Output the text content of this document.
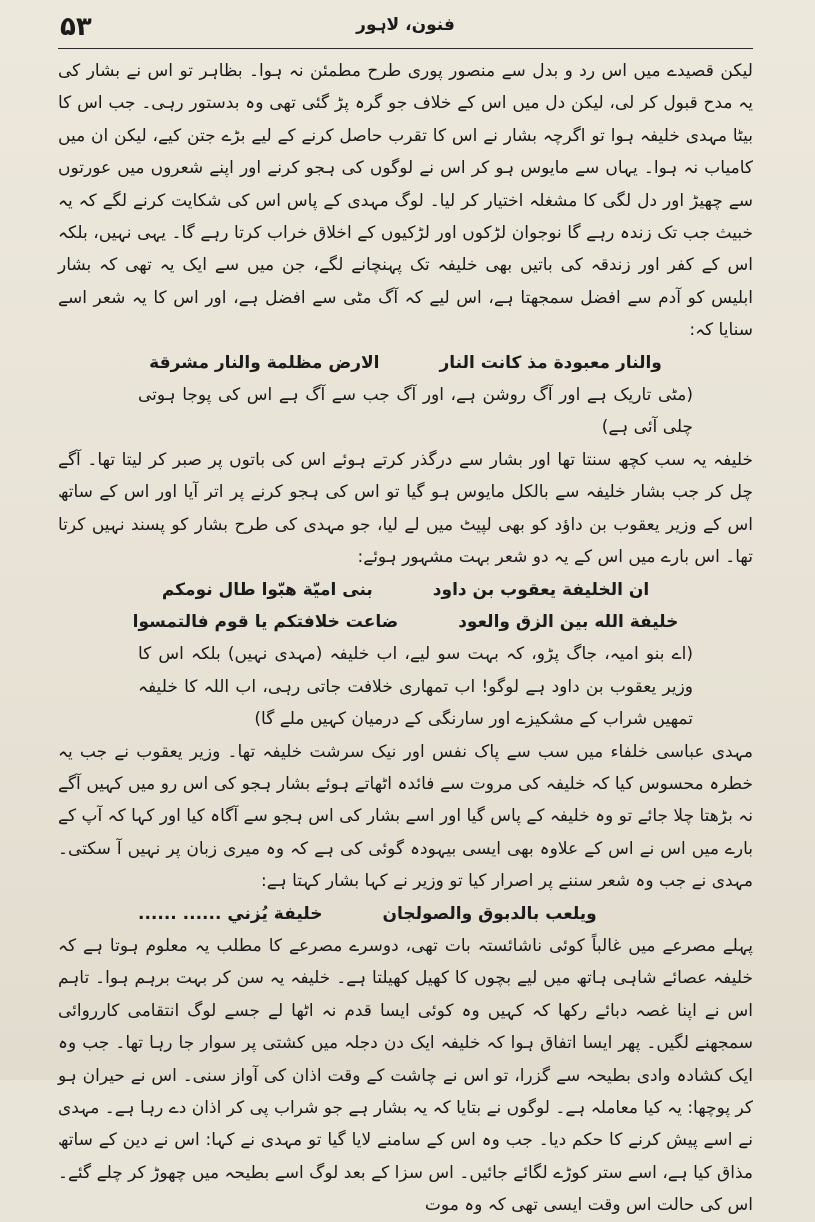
۵۳	فنون، لاہور

لیکن قصیدے میں اس رد و بدل سے منصور پوری طرح مطمئن نہ ہوا۔ بظاہر تو اس نے بشار کی یہ مدح قبول کر لی، لیکن دل میں اس کے خلاف جو گرہ پڑ گئی تھی وہ بدستور رہی۔ جب اس کا بیٹا مہدی خلیفہ ہوا تو اگرچہ بشار نے اس کا تقرب حاصل کرنے کے لیے بڑے جتن کیے، لیکن ان میں کامیاب نہ ہوا۔ یہاں سے مایوس ہو کر اس نے لوگوں کی ہجو کرنے اور اپنے شعروں میں عورتوں سے چھیڑ اور دل لگی کا مشغلہ اختیار کر لیا۔ لوگ مہدی کے پاس اس کی شکایت کرنے لگے کہ یہ خبیث جب تک زندہ رہے گا نوجوان لڑکوں اور لڑکیوں کے اخلاق خراب کرتا رہے گا۔ یہی نہیں، بلکہ اس کے کفر اور زندقہ کی باتیں بھی خلیفہ تک پہنچانے لگے، جن میں سے ایک یہ تھی کہ بشار ابلیس کو آدم سے افضل سمجھتا ہے، اس لیے کہ آگ مٹی سے افضل ہے، اور اس کا یہ شعر اسے سنایا کہ:

الارض مظلمة والنار مشرقة	والنار معبودة مذ كانت النار
(مٹی تاریک ہے اور آگ روشن ہے، اور آگ جب سے آگ ہے اس کی پوجا ہوتی چلی آئی ہے)

خلیفہ یہ سب کچھ سنتا تھا اور بشار سے درگذر کرتے ہوئے اس کی باتوں پر صبر کر لیتا تھا۔ آگے چل کر جب بشار خلیفہ سے بالکل مایوس ہو گیا تو اس کی ہجو کرنے پر اتر آیا اور اس کے ساتھ اس کے وزیر یعقوب بن داؤد کو بھی لپیٹ میں لے لیا، جو مہدی کی طرح بشار کو پسند نہیں کرتا تھا۔ اس بارے میں اس کے یہ دو شعر بہت مشہور ہوئے:

بنی امیّة هبّوا طال نومكم	ان الخليفة يعقوب بن داود
ضاعت خلافتكم يا قوم فالتمسوا	خليفة الله بين الزق والعود
(اے بنو امیہ، جاگ پڑو، کہ بہت سو لیے، اب خلیفہ (مہدی نہیں) بلکہ اس کا وزیر یعقوب بن داود ہے لوگو! اب تمھاری خلافت جاتی رہی، اب اللہ کا خلیفہ تمھیں شراب کے مشکیزے اور سارنگی کے درمیان کہیں ملے گا)

مہدی عباسی خلفاء میں سب سے پاک نفس اور نیک سرشت خلیفہ تھا۔ وزیر یعقوب نے جب یہ خطرہ محسوس کیا کہ خلیفہ کی مروت سے فائدہ اٹھاتے ہوئے بشار ہجو کی اس رو میں کہیں آگے نہ بڑھتا چلا جائے تو وہ خلیفہ کے پاس گیا اور اسے بشار کی اس ہجو سے آگاہ کیا اور کہا کہ آپ کے بارے میں اس نے اس کے علاوہ بھی ایسی بیہودہ گوئی کی ہے کہ وہ میری زبان پر نہیں آ سکتی۔ مہدی نے جب وہ شعر سننے پر اصرار کیا تو وزیر نے کہا بشار کہتا ہے:

خليفة يُزني ...... ......	ويلعب بالدبوق والصولجان

پہلے مصرعے میں غالباً کوئی ناشائستہ بات تھی، دوسرے مصرعے کا مطلب یہ معلوم ہوتا ہے کہ خلیفہ عصائے شاہی ہاتھ میں لیے بچوں کا کھیل کھیلتا ہے۔ خلیفہ یہ سن کر بہت برہم ہوا۔ تاہم اس نے اپنا غصہ دبائے رکھا کہ کہیں وہ کوئی ایسا قدم نہ اٹھا لے جسے لوگ انتقامی کارروائی سمجھنے لگیں۔ پھر ایسا اتفاق ہوا کہ خلیفہ ایک دن دجلہ میں کشتی پر سوار جا رہا تھا۔ جب وہ ایک کشادہ وادی بطیحہ سے گزرا، تو اس نے چاشت کے وقت اذان کی آواز سنی۔ اس نے حیران ہو کر پوچھا: یہ کیا معاملہ ہے۔ لوگوں نے بتایا کہ یہ بشار ہے جو شراب پی کر اذان دے رہا ہے۔ مہدی نے اسے پیش کرنے کا حکم دیا۔ جب وہ اس کے سامنے لایا گیا تو مہدی نے کہا: اس نے دین کے ساتھ مذاق کیا ہے، اسے ستر کوڑے لگائے جائیں۔ اس سزا کے بعد لوگ اسے بطیحہ میں چھوڑ کر چلے گئے۔ اس کی حالت اس وقت ایسی تھی کہ وہ موت
